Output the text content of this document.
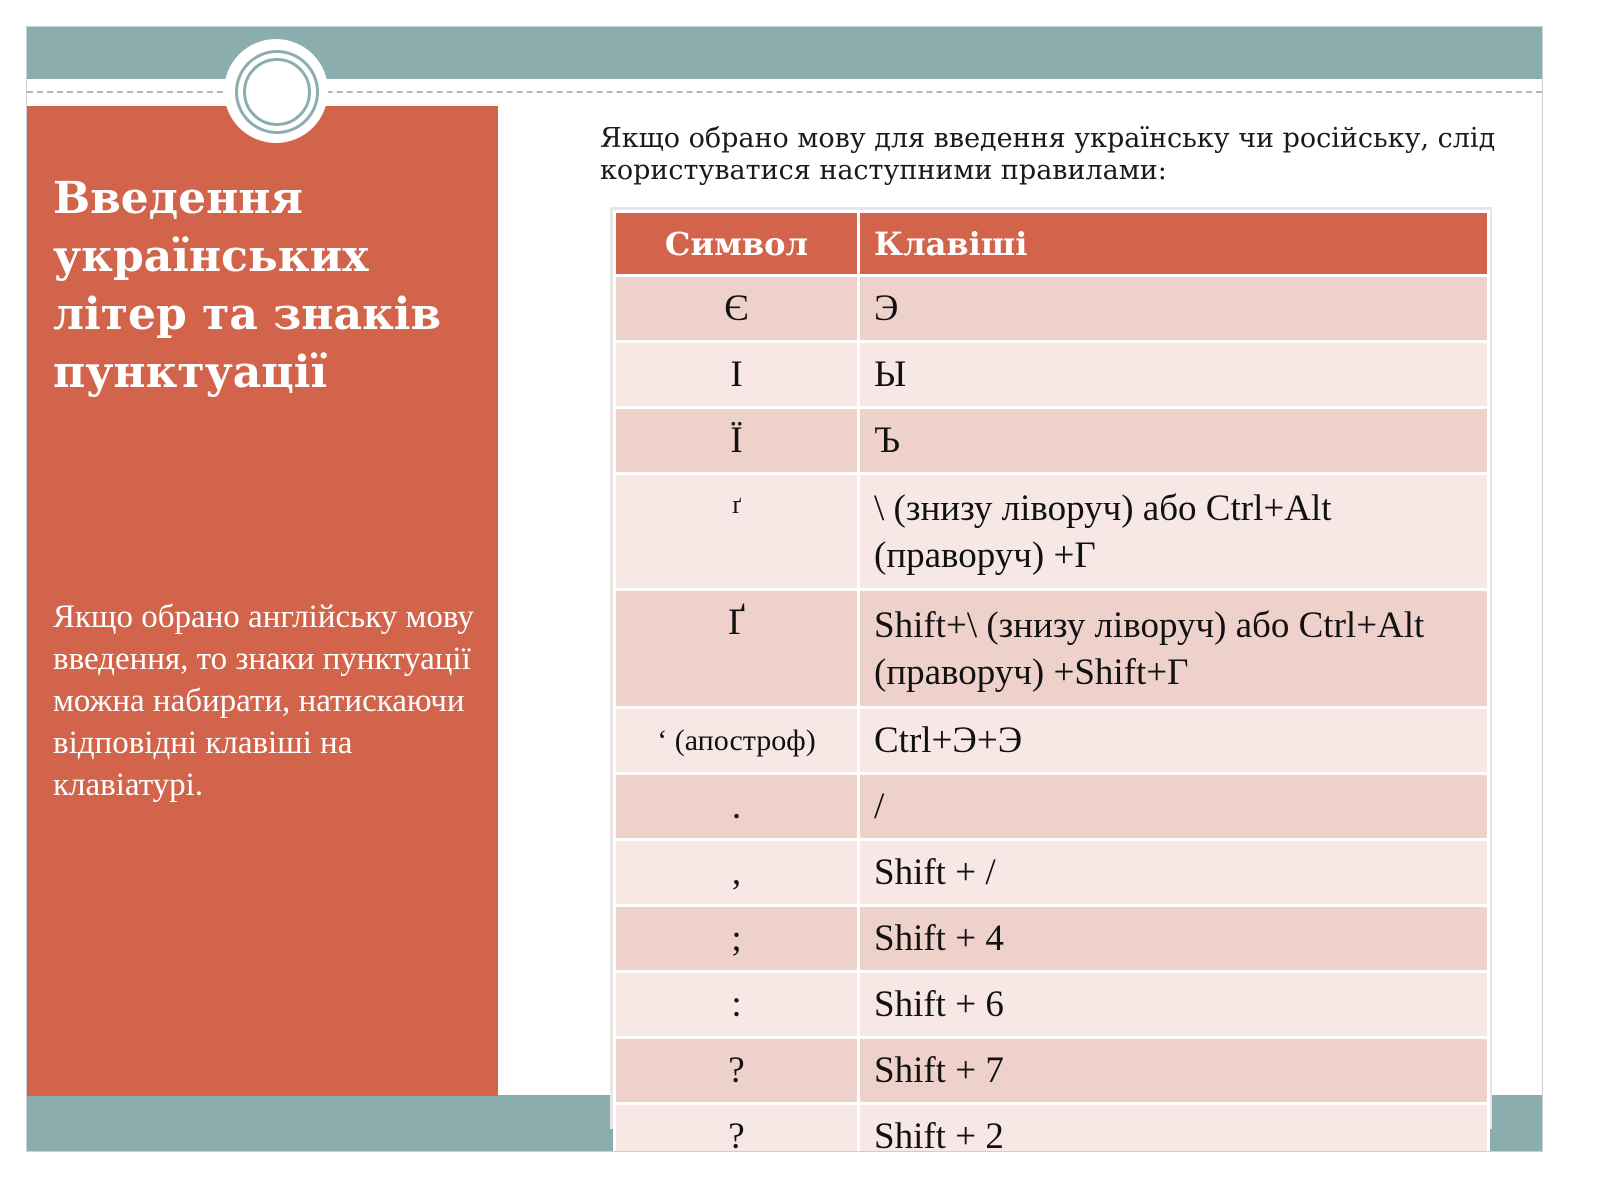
Введення українських літер та знаків пунктуації

Якщо обрано англійську мову введення, то знаки пунктуації можна набирати, натискаючи відповідні клавіші на клавіатурі.

Якщо обрано мову для введення українську чи російську, слід користуватися наступними правилами:

Символ	Клавіші
Є	Э
І	Ы
Ї	Ъ
ґ	\ (знизу ліворуч) або Ctrl+Alt (праворуч) +Г
Ґ	Shift+\ (знизу ліворуч) або Ctrl+Alt (праворуч) +Shift+Г
‘ (апостроф)	Ctrl+Э+Э
.	/
,	Shift + /
;	Shift + 4
:	Shift + 6
?	Shift + 7
?	Shift + 2
